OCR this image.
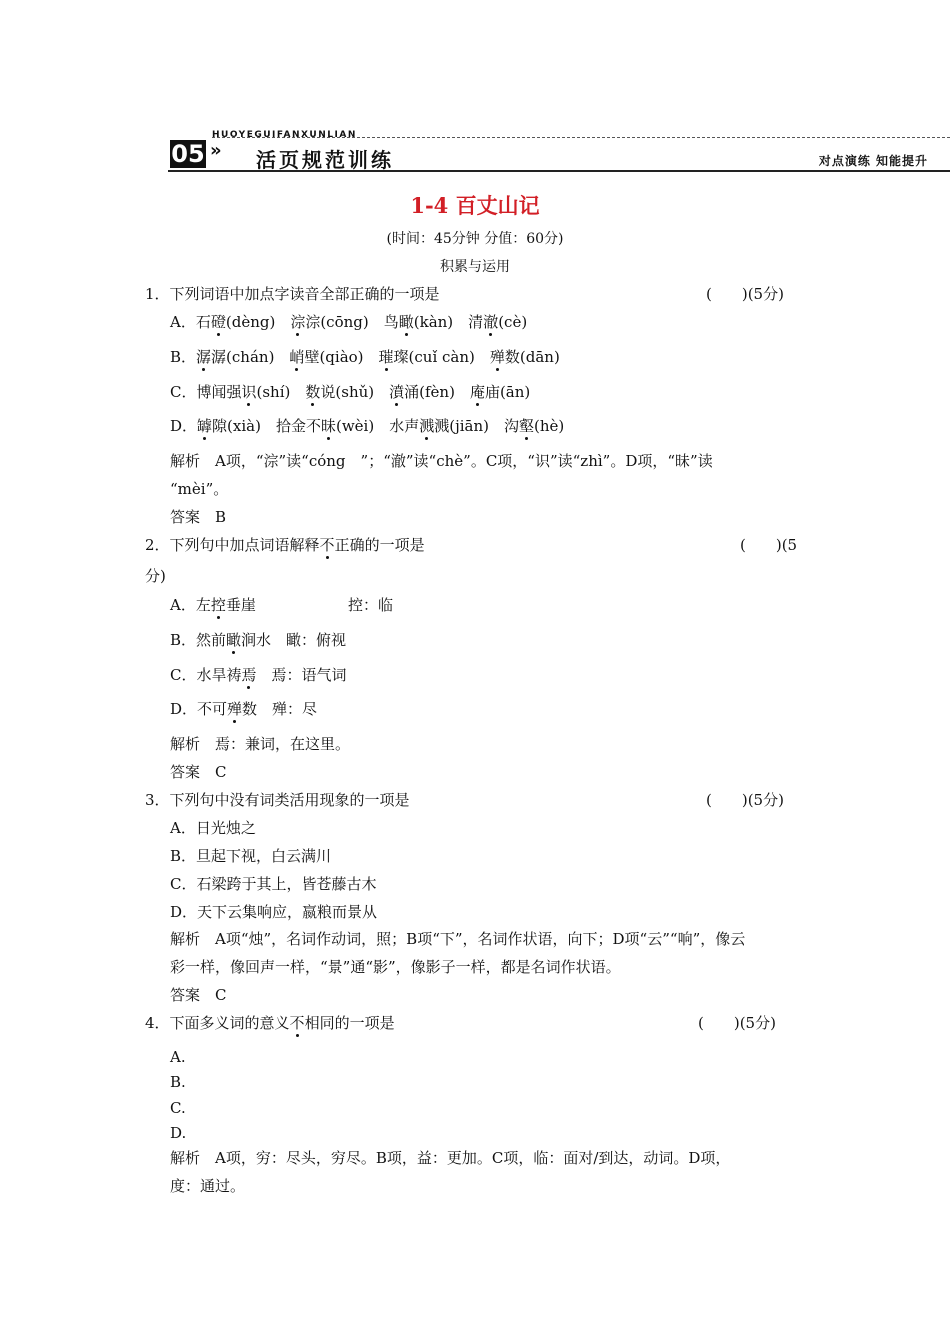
HUOYEGUIFANXUNLIAN
05 » 活页规范训练	对点演练 知能提升
1-4 百丈山记
(时间：45分钟 分值：60分)
积累与运用
1．下列词语中加点字读音全部正确的一项是	(　　)(5分)
A．石磴(dèng)　淙淙(cōng)　鸟瞰(kàn)　清澈(cè)
B．潺潺(chán)　峭壁(qiào)　璀璨(cuǐ càn)　殚数(dān)
C．博闻强识(shí)　数说(shǔ)　濆涌(fèn)　庵庙(ān)
D．罅隙(xià)　拾金不昧(wèi)　水声溅溅(jiān)　沟壑(hè)
解析　A项，“淙”读“cóng　”；“澈”读“chè”。C项，“识”读“zhì”。D项，“昧”读
“mèi”。
答案　B
2．下列句中加点词语解释不正确的一项是	(　　)(5
分)
A．左控垂崖	控：临
B．然前瞰涧水　瞰：俯视
C．水旱祷焉　焉：语气词
D．不可殚数　殚：尽
解析　焉：兼词，在这里。
答案　C
3．下列句中没有词类活用现象的一项是	(　　)(5分)
A．日光烛之
B．旦起下视，白云满川
C．石梁跨于其上，皆苍藤古木
D．天下云集响应，嬴粮而景从
解析　A项“烛”，名词作动词，照；B项“下”，名词作状语，向下；D项“云”“响”，像云
彩一样，像回声一样，“景”通“影”，像影子一样，都是名词作状语。
答案　C
4．下面多义词的意义不相同的一项是	(　　)(5分)
A.
B.
C.
D.
解析　A项，穷：尽头，穷尽。B项，益：更加。C项，临：面对/到达，动词。D项，
度：通过。
